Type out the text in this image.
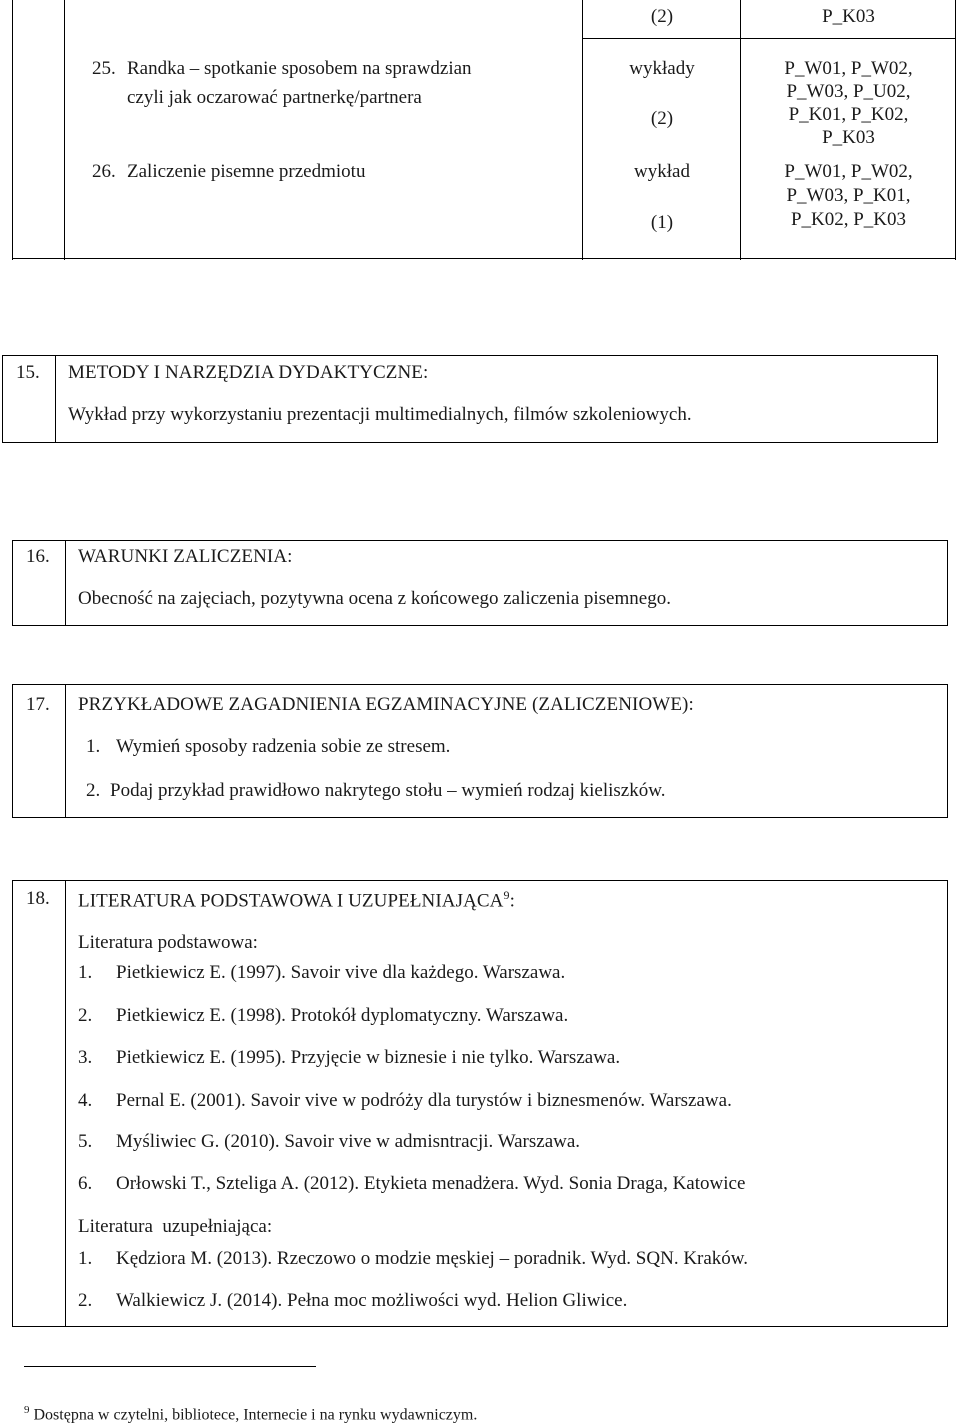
(2)	P_K03
25. Randka – spotkanie sposobem na sprawdzian
czyli jak oczarować partnerkę/partnera
wykłady
(2)
P_W01, P_W02,
P_W03, P_U02,
P_K01, P_K02,
P_K03
26. Zaliczenie pisemne przedmiotu	wykład
(1)
P_W01, P_W02,
P_W03, P_K01,
P_K02, P_K03
15. METODY I NARZĘDZIA DYDAKTYCZNE:
Wykład przy wykorzystaniu prezentacji multimedialnych, filmów szkoleniowych.
16. WARUNKI ZALICZENIA:
Obecność na zajęciach, pozytywna ocena z końcowego zaliczenia pisemnego.
17. PRZYKŁADOWE ZAGADNIENIA EGZAMINACYJNE (ZALICZENIOWE):
1. Wymień sposoby radzenia sobie ze stresem.
2. Podaj przykład prawidłowo nakrytego stołu – wymień rodzaj kieliszków.
18. LITERATURA PODSTAWOWA I UZUPEŁNIAJĄCA$^9$:
Literatura podstawowa:
1. Pietkiewicz E. (1997). Savoir vive dla każdego. Warszawa.
2. Pietkiewicz E. (1998). Protokół dyplomatyczny. Warszawa.
3. Pietkiewicz E. (1995). Przyjęcie w biznesie i nie tylko. Warszawa.
4. Pernal E. (2001). Savoir vive w podróży dla turystów i biznesmenów. Warszawa.
5. Myśliwiec G. (2010). Savoir vive w admisntracji. Warszawa.
6. Orłowski T., Szteliga A. (2012). Etykieta menadżera. Wyd. Sonia Draga, Katowice
Literatura  uzupełniająca:
1. Kędziora M. (2013). Rzeczowo o modzie męskiej – poradnik. Wyd. SQN. Kraków.
2. Walkiewicz J. (2014). Pełna moc możliwości wyd. Helion Gliwice.
$^9$ Dostępna w czytelni, bibliotece, Internecie i na rynku wydawniczym.
